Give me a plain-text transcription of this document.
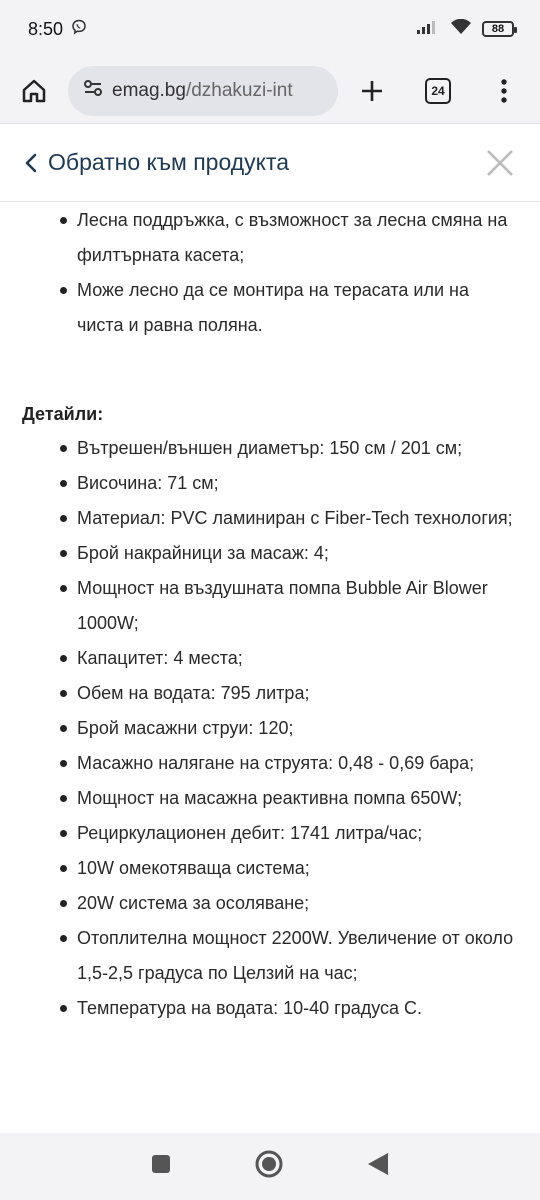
8:50	88
emag.bg/dzhakuzi-int	24
Обратно към продукта
Лесна поддръжка, с възможност за лесна смяна на филтърната касета;
Може лесно да се монтира на терасата или на чиста и равна поляна.
Детайли:
Вътрешен/външен диаметър: 150 см / 201 см;
Височина: 71 см;
Материал: PVC ламиниран с Fiber-Tech технология;
Брой накрайници за масаж: 4;
Мощност на въздушната помпа Bubble Air Blower 1000W;
Капацитет: 4 места;
Обем на водата: 795 литра;
Брой масажни струи: 120;
Масажно налягане на струята: 0,48 - 0,69 бара;
Мощност на масажна реактивна помпа 650W;
Рециркулационен дебит: 1741 литра/час;
10W омекотяваща система;
20W система за осоляване;
Отоплителна мощност 2200W. Увеличение от около 1,5-2,5 градуса по Целзий на час;
Температура на водата: 10-40 градуса С.
